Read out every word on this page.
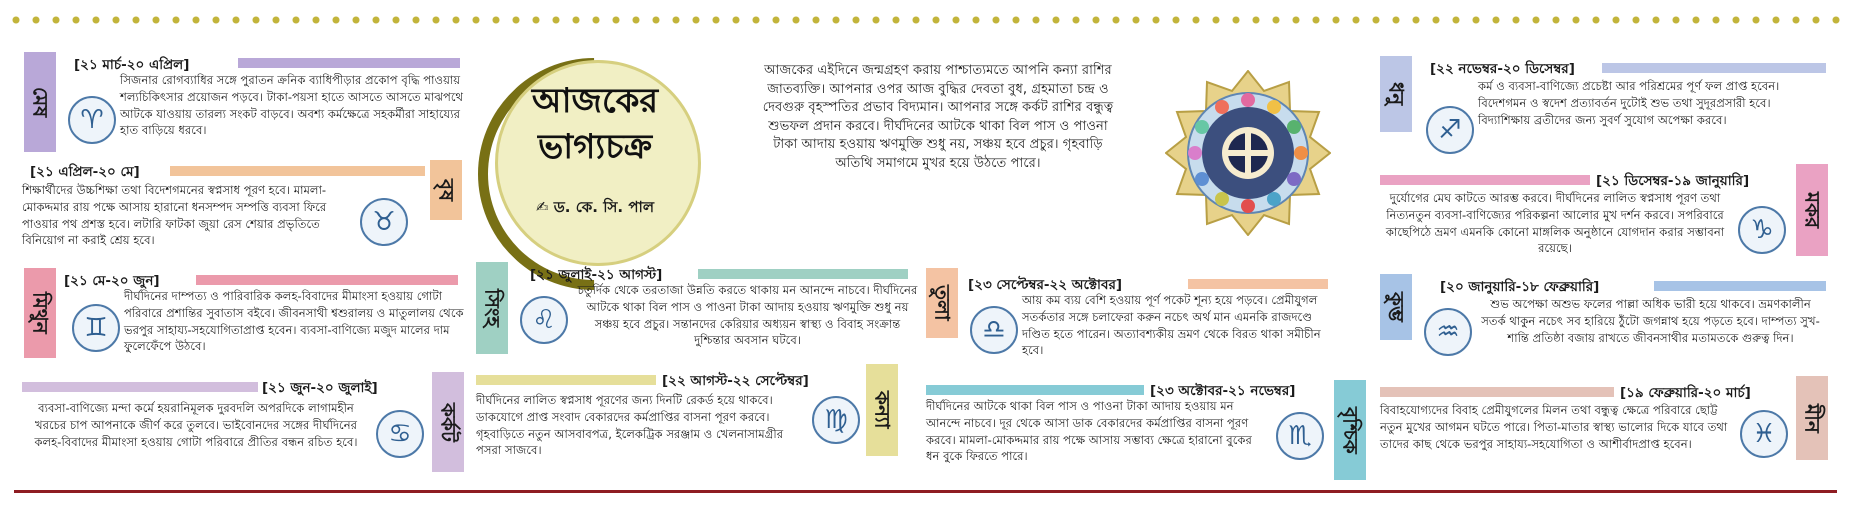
মেষ
[২১ মার্চ-২০ এপ্রিল]
♈
সিজনার রোগব্যাধির সঙ্গে পুরাতন ক্রনিক ব্যাধিপীড়ার প্রকোপ বৃদ্ধি পাওয়ায় শল্যচিকিৎসার প্রয়োজন পড়বে। টাকা-পয়সা হাতে আসতে আসতে মাঝপথে আটকে যাওয়ায় তারল্য সংকট বাড়বে। অবশ্য কর্মক্ষেত্রে সহকর্মীরা সাহায্যের হাত বাড়িয়ে ধরবে।
বৃষ
[২১ এপ্রিল-২০ মে]
♉
শিক্ষার্থীদের উচ্চশিক্ষা তথা বিদেশগমনের স্বপ্নসাধ পূরণ হবে। মামলা-মোকদ্দমার রায় পক্ষে আসায় হারানো ধনসম্পদ সম্পত্তি ব্যবসা ফিরে পাওয়ার পথ প্রশস্ত হবে। লটারি ফাটকা জুয়া রেস শেয়ার প্রভৃতিতে বিনিয়োগ না করাই শ্রেয় হবে।
মিথুন
[২১ মে-২০ জুন]
♊
দীর্ঘদিনের দাম্পত্য ও পারিবারিক কলহ-বিবাদের মীমাংসা হওয়ায় গোটা পরিবারে প্রশান্তির সুবাতাস বইবে। জীবনসাথী শ্বশুরালয় ও মাতুলালয় থেকে ভরপুর সাহায্য-সহযোগিতাপ্রাপ্ত হবেন। ব্যবসা-বাণিজ্যে মজুদ মালের দাম ফুলেফেঁপে উঠবে।
কর্কট
[২১ জুন-২০ জুলাই]
♋
ব্যবসা-বাণিজ্যে মন্দা কর্মে হয়রানিমূলক দুরবদলি অপরদিকে লাগামহীন খরচের চাপ আপনাকে জীর্ণ করে তুলবে। ভাইবোনদের সঙ্গের দীর্ঘদিনের কলহ-বিবাদের মীমাংসা হওয়ায় গোটা পরিবারে প্রীতির বন্ধন রচিত হবে।
আজকের
ভাগ্যচক্র
✍ ড. কে. সি. পাল
আজকের এইদিনে জন্মগ্রহণ করায় পাশ্চাত্যমতে আপনি কন্যা রাশির জাতব্যক্তি। আপনার ওপর আজ বুদ্ধির দেবতা বুধ, গ্রহমাতা চন্দ্র ও দেবগুরু বৃহস্পতির প্রভাব বিদ্যমান। আপনার সঙ্গে কর্কট রাশির বন্ধুত্ব শুভফল প্রদান করবে। দীর্ঘদিনের আটকে থাকা বিল পাস ও পাওনা টাকা আদায় হওয়ায় ঋণমুক্তি শুধু নয়, সঞ্চয় হবে প্রচুর। গৃহবাড়ি অতিথি সমাগমে মুখর হয়ে উঠতে পারে।
সিংহ
[২১ জুলাই-২১ আগস্ট]
♌
চতুর্দিক থেকে তরতাজা উন্নতি করতে থাকায় মন আনন্দে নাচবে। দীর্ঘদিনের আটকে থাকা বিল পাস ও পাওনা টাকা আদায় হওয়ায় ঋণমুক্তি শুধু নয় সঞ্চয় হবে প্রচুর। সন্তানদের কেরিয়ার অধ্যয়ন স্বাস্থ্য ও বিবাহ সংক্রান্ত দুশ্চিন্তার অবসান ঘটবে।
কন্যা
[২২ আগস্ট-২২ সেপ্টেম্বর]
♍
দীর্ঘদিনের লালিত স্বপ্নসাধ পূরণের জন্য দিনটি রেকর্ড হয়ে থাকবে। ডাকযোগে প্রাপ্ত সংবাদ বেকারদের কর্মপ্রাপ্তির বাসনা পূরণ করবে। গৃহবাড়িতে নতুন আসবাবপত্র, ইলেকট্রিক সরঞ্জাম ও খেলনাসামগ্রীর পসরা সাজবে।
তুলা
[২৩ সেপ্টেম্বর-২২ অক্টোবর]
♎
আয় কম ব্যয় বেশি হওয়ায় পূর্ণ পকেট শূন্য হয়ে পড়বে। প্রেমীযুগল সতর্কতার সঙ্গে চলাফেরা করুন নচেৎ অর্থ মান এমনকি রাজদণ্ডে দণ্ডিত হতে পারেন। অত্যাবশ্যকীয় ভ্রমণ থেকে বিরত থাকা সমীচীন হবে।
বৃশ্চিক
[২৩ অক্টোবর-২১ নভেম্বর]
♏
দীর্ঘদিনের আটকে থাকা বিল পাস ও পাওনা টাকা আদায় হওয়ায় মন আনন্দে নাচবে। দূর থেকে আসা ডাক বেকারদের কর্মপ্রাপ্তির বাসনা পূরণ করবে। মামলা-মোকদ্দমার রায় পক্ষে আসায় সম্ভাব্য ক্ষেত্রে হারানো বুকের ধন বুকে ফিরতে পারে।
ধনু
[২২ নভেম্বর-২০ ডিসেম্বর]
♐
কর্ম ও ব্যবসা-বাণিজ্যে প্রচেষ্টা আর পরিশ্রমের পূর্ণ ফল প্রাপ্ত হবেন। বিদেশগমন ও স্বদেশ প্রত্যাবর্তন দুটোই শুভ তথা সুদূরপ্রসারী হবে। বিদ্যাশিক্ষায় ব্রতীদের জন্য সুবর্ণ সুযোগ অপেক্ষা করবে।
মকর
[২১ ডিসেম্বর-১৯ জানুয়ারি]
♑
দুর্যোগের মেঘ কাটতে আরম্ভ করবে। দীর্ঘদিনের লালিত স্বপ্নসাধ পূরণ তথা নিত্যনতুন ব্যবসা-বাণিজ্যের পরিকল্পনা আলোর মুখ দর্শন করবে। সপরিবারে কাছেপিঠে ভ্রমণ এমনকি কোনো মাঙ্গলিক অনুষ্ঠানে যোগদান করার সম্ভাবনা রয়েছে।
কুম্ভ
[২০ জানুয়ারি-১৮ ফেব্রুয়ারি]
♒
শুভ অপেক্ষা অশুভ ফলের পাল্লা অধিক ভারী হয়ে থাকবে। ভ্রমণকালীন সতর্ক থাকুন নচেৎ সব হারিয়ে ঠুঁটো জগন্নাথ হয়ে পড়তে হবে। দাম্পত্য সুখ-শান্তি প্রতিষ্ঠা বজায় রাখতে জীবনসাথীর মতামতকে গুরুত্ব দিন।
মীন
[১৯ ফেব্রুয়ারি-২০ মার্চ]
♓
বিবাহযোগ্যদের বিবাহ প্রেমীযুগলের মিলন তথা বন্ধুত্ব ক্ষেত্রে পরিবারে ছোট্ট নতুন মুখের আগমন ঘটতে পারে। পিতা-মাতার স্বাস্থ্য ভালোর দিকে যাবে তথা তাদের কাছ থেকে ভরপুর সাহায্য-সহযোগিতা ও আশীর্বাদপ্রাপ্ত হবেন।
